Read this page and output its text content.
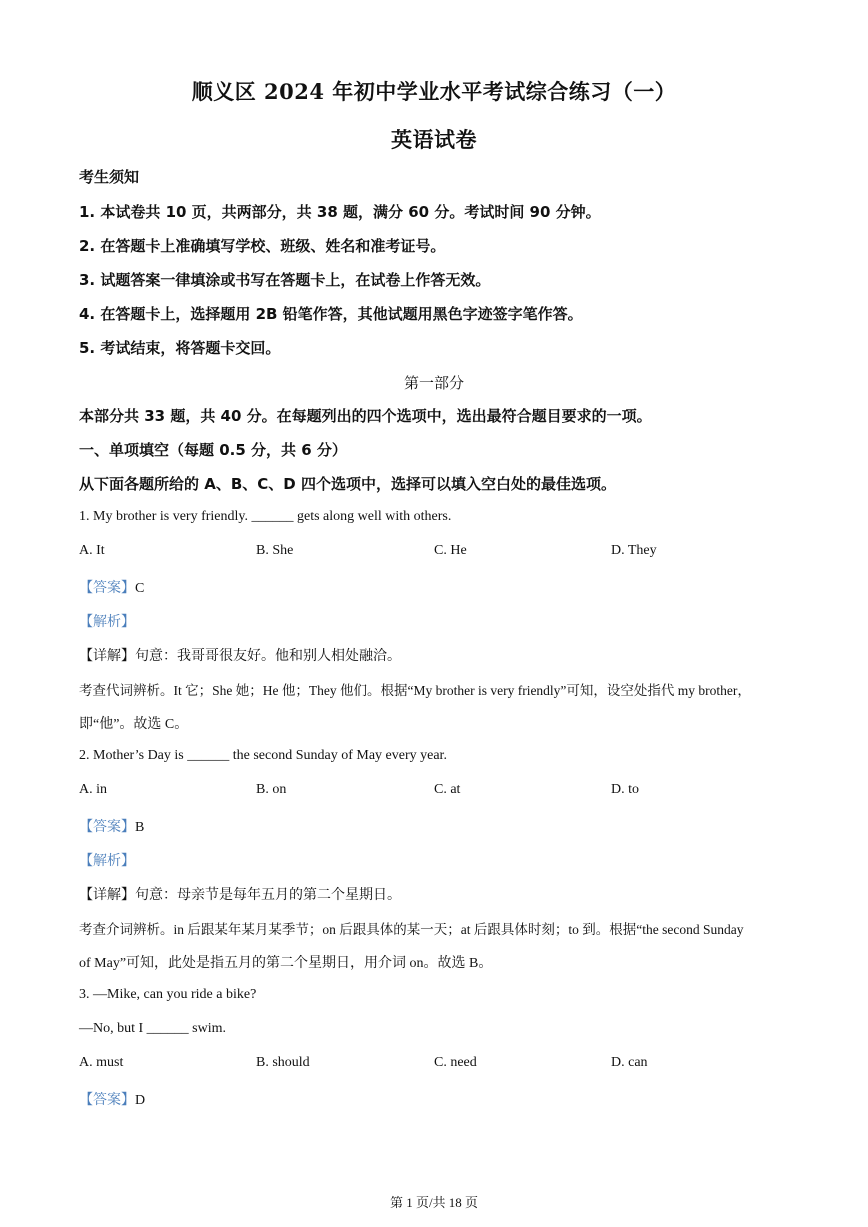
顺义区 2024 年初中学业水平考试综合练习（一）
英语试卷
考生须知
1. 本试卷共 10 页，共两部分，共 38 题，满分 60 分。考试时间 90 分钟。
2. 在答题卡上准确填写学校、班级、姓名和准考证号。
3. 试题答案一律填涂或书写在答题卡上，在试卷上作答无效。
4. 在答题卡上，选择题用 2B 铅笔作答，其他试题用黑色字迹签字笔作答。
5. 考试结束，将答题卡交回。
第一部分
本部分共 33 题，共 40 分。在每题列出的四个选项中，选出最符合题目要求的一项。
一、单项填空（每题 0.5 分，共 6 分）
从下面各题所给的 A、B、C、D 四个选项中，选择可以填入空白处的最佳选项。
1. My brother is very friendly. ______ gets along well with others.
A. It	B. She	C. He	D. They
【答案】C
【解析】
【详解】句意：我哥哥很友好。他和别人相处融洽。
考查代词辨析。It 它；She 她；He 他；They 他们。根据“My brother is very friendly”可知，设空处指代 my brother，
即“他”。故选 C。
2. Mother’s Day is ______ the second Sunday of May every year.
A. in	B. on	C. at	D. to
【答案】B
【解析】
【详解】句意：母亲节是每年五月的第二个星期日。
考查介词辨析。in 后跟某年某月某季节；on 后跟具体的某一天；at 后跟具体时刻；to 到。根据“the second Sunday
of May”可知，此处是指五月的第二个星期日，用介词 on。故选 B。
3. —Mike, can you ride a bike?
—No, but I ______ swim.
A. must	B. should	C. need	D. can
【答案】D
第 1 页/共 18 页
